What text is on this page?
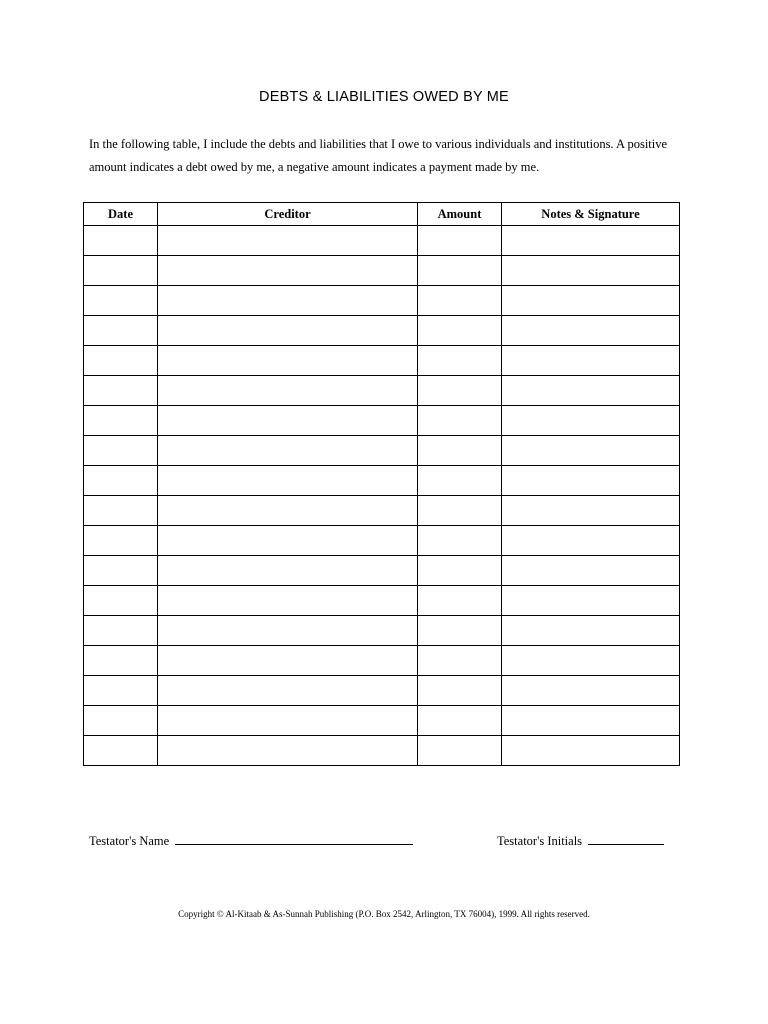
DEBTS & LIABILITIES OWED BY ME
In the following table, I include the debts and liabilities that I owe to various individuals and institutions. A positive amount indicates a debt owed by me, a negative amount indicates a payment made by me.
Date	Creditor	Amount	Notes & Signature

Testator's Name	Testator's Initials
Copyright © Al-Kitaab & As-Sunnah Publishing (P.O. Box 2542, Arlington, TX 76004), 1999. All rights reserved.
